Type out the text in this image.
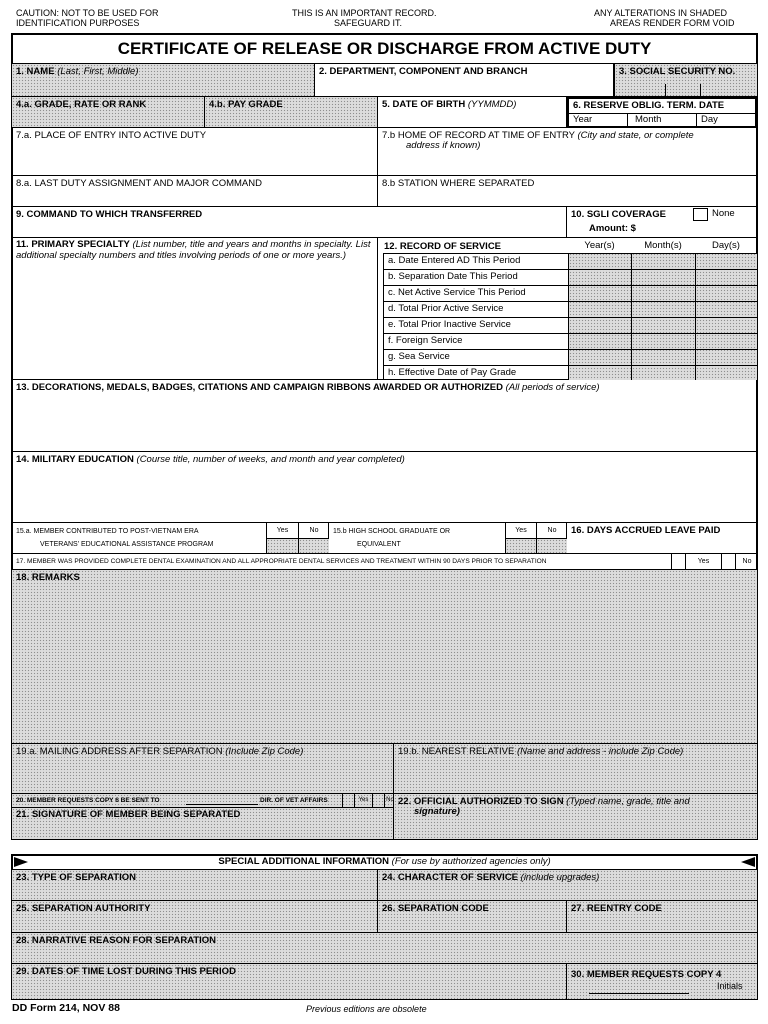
CAUTION: NOT TO BE USED FOR
IDENTIFICATION PURPOSES
THIS IS AN IMPORTANT RECORD.
SAFEGUARD IT.
ANY ALTERATIONS IN SHADED
AREAS RENDER FORM VOID
CERTIFICATE OF RELEASE OR DISCHARGE FROM ACTIVE DUTY
1. NAME (Last, First, Middle)	2. DEPARTMENT, COMPONENT AND BRANCH	3. SOCIAL SECURITY NO.
4.a. GRADE, RATE OR RANK	4.b. PAY GRADE	5. DATE OF BIRTH (YYMMDD)	6. RESERVE OBLIG. TERM. DATE
Year	Month	Day
7.a. PLACE OF ENTRY INTO ACTIVE DUTY	7.b HOME OF RECORD AT TIME OF ENTRY (City and state, or complete
address if known)
8.a. LAST DUTY ASSIGNMENT AND MAJOR COMMAND	8.b STATION WHERE SEPARATED
9. COMMAND TO WHICH TRANSFERRED	10. SGLI COVERAGE	None
Amount: $
11. PRIMARY SPECIALTY (List number, title and years and months in specialty. List additional specialty numbers and titles involving periods of one or more years.)
12. RECORD OF SERVICE	Year(s)	Month(s)	Day(s)
a. Date Entered AD This Period
b. Separation Date This Period
c. Net Active Service This Period
d. Total Prior Active Service
e. Total Prior Inactive Service
f. Foreign Service
g. Sea Service
h. Effective Date of Pay Grade
13. DECORATIONS, MEDALS, BADGES, CITATIONS AND CAMPAIGN RIBBONS AWARDED OR AUTHORIZED (All periods of service)
14. MILITARY EDUCATION (Course title, number of weeks, and month and year completed)
15.a. MEMBER CONTRIBUTED TO POST-VIETNAM ERA
VETERANS' EDUCATIONAL ASSISTANCE PROGRAM
Yes	No	15.b HIGH SCHOOL GRADUATE OR
EQUIVALENT
Yes	No	16. DAYS ACCRUED LEAVE PAID
17. MEMBER WAS PROVIDED COMPLETE DENTAL EXAMINATION AND ALL APPROPRIATE DENTAL SERVICES AND TREATMENT WITHIN 90 DAYS PRIOR TO SEPARATION	Yes	No
18. REMARKS
19.a. MAILING ADDRESS AFTER SEPARATION (Include Zip Code)	19.b. NEAREST RELATIVE (Name and address - include Zip Code)
20. MEMBER REQUESTS COPY 6 BE SENT TO	DIR. OF VET AFFAIRS	Yes	No
21. SIGNATURE OF MEMBER BEING SEPARATED
22. OFFICIAL AUTHORIZED TO SIGN (Typed name, grade, title and
signature)
SPECIAL ADDITIONAL INFORMATION (For use by authorized agencies only)
23. TYPE OF SEPARATION	24. CHARACTER OF SERVICE (include upgrades)
25. SEPARATION AUTHORITY	26. SEPARATION CODE	27. REENTRY CODE
28. NARRATIVE REASON FOR SEPARATION
29. DATES OF TIME LOST DURING THIS PERIOD	30. MEMBER REQUESTS COPY 4
Initials
DD Form 214, NOV 88	Previous editions are obsolete
